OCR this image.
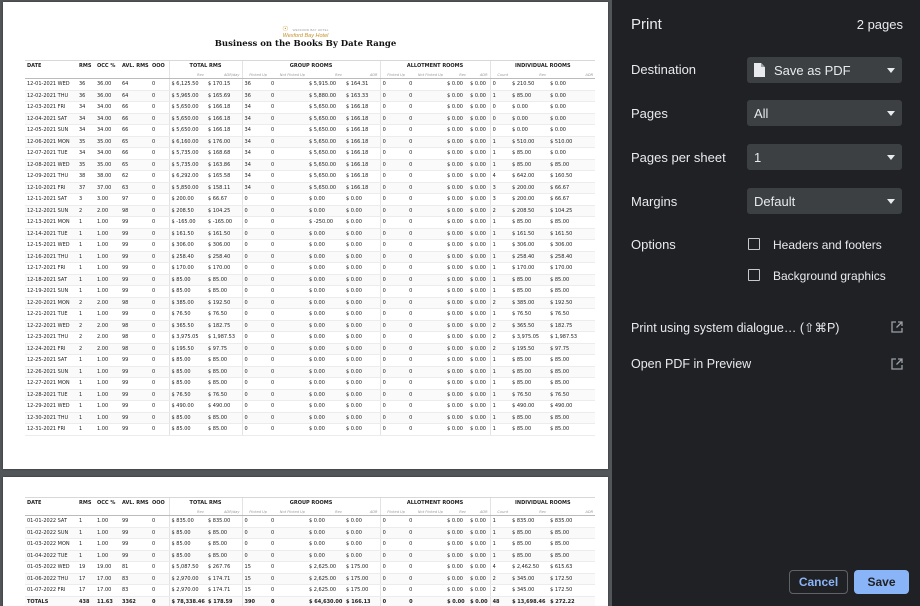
☉ WEXFORD BAY HOTEL
Wexford Bay Hotel
Business on the Books By Date Range
DATE	RMS	OCC %	AVL. RMS	OOO	TOTAL RMS		GROUP ROOMS				ALLOTMENT ROOMS				INDIVIDUAL ROOMS		
					Rev	ADR/day	Picked Up	Not Picked Up	Rev	ADR	Picked Up	Not Picked Up	Rev	ADR	Count	Rev	ADR
12-01-2021 WED	36	36.00	64	0	$ 6,125.50	$ 170.15	36	0	$ 5,915.00	$ 164.31	0	0	$ 0.00	$ 0.00	0	$ 210.50	$ 0.00
12-02-2021 THU	36	36.00	64	0	$ 5,965.00	$ 165.69	36	0	$ 5,880.00	$ 163.33	0	0	$ 0.00	$ 0.00	1	$ 85.00	$ 0.00
12-03-2021 FRI	34	34.00	66	0	$ 5,650.00	$ 166.18	34	0	$ 5,650.00	$ 166.18	0	0	$ 0.00	$ 0.00	0	$ 0.00	$ 0.00
12-04-2021 SAT	34	34.00	66	0	$ 5,650.00	$ 166.18	34	0	$ 5,650.00	$ 166.18	0	0	$ 0.00	$ 0.00	0	$ 0.00	$ 0.00
12-05-2021 SUN	34	34.00	66	0	$ 5,650.00	$ 166.18	34	0	$ 5,650.00	$ 166.18	0	0	$ 0.00	$ 0.00	0	$ 0.00	$ 0.00
12-06-2021 MON	35	35.00	65	0	$ 6,160.00	$ 176.00	34	0	$ 5,650.00	$ 166.18	0	0	$ 0.00	$ 0.00	1	$ 510.00	$ 510.00
12-07-2021 TUE	34	34.00	66	0	$ 5,735.00	$ 168.68	34	0	$ 5,650.00	$ 166.18	0	0	$ 0.00	$ 0.00	1	$ 85.00	$ 0.00
12-08-2021 WED	35	35.00	65	0	$ 5,735.00	$ 163.86	34	0	$ 5,650.00	$ 166.18	0	0	$ 0.00	$ 0.00	1	$ 85.00	$ 85.00
12-09-2021 THU	38	38.00	62	0	$ 6,292.00	$ 165.58	34	0	$ 5,650.00	$ 166.18	0	0	$ 0.00	$ 0.00	4	$ 642.00	$ 160.50
12-10-2021 FRI	37	37.00	63	0	$ 5,850.00	$ 158.11	34	0	$ 5,650.00	$ 166.18	0	0	$ 0.00	$ 0.00	3	$ 200.00	$ 66.67
12-11-2021 SAT	3	3.00	97	0	$ 200.00	$ 66.67	0	0	$ 0.00	$ 0.00	0	0	$ 0.00	$ 0.00	3	$ 200.00	$ 66.67
12-12-2021 SUN	2	2.00	98	0	$ 208.50	$ 104.25	0	0	$ 0.00	$ 0.00	0	0	$ 0.00	$ 0.00	2	$ 208.50	$ 104.25
12-13-2021 MON	1	1.00	99	0	$ -165.00	$ -165.00	0	0	$ -250.00	$ 0.00	0	0	$ 0.00	$ 0.00	1	$ 85.00	$ 85.00
12-14-2021 TUE	1	1.00	99	0	$ 161.50	$ 161.50	0	0	$ 0.00	$ 0.00	0	0	$ 0.00	$ 0.00	1	$ 161.50	$ 161.50
12-15-2021 WED	1	1.00	99	0	$ 306.00	$ 306.00	0	0	$ 0.00	$ 0.00	0	0	$ 0.00	$ 0.00	1	$ 306.00	$ 306.00
12-16-2021 THU	1	1.00	99	0	$ 258.40	$ 258.40	0	0	$ 0.00	$ 0.00	0	0	$ 0.00	$ 0.00	1	$ 258.40	$ 258.40
12-17-2021 FRI	1	1.00	99	0	$ 170.00	$ 170.00	0	0	$ 0.00	$ 0.00	0	0	$ 0.00	$ 0.00	1	$ 170.00	$ 170.00
12-18-2021 SAT	1	1.00	99	0	$ 85.00	$ 85.00	0	0	$ 0.00	$ 0.00	0	0	$ 0.00	$ 0.00	1	$ 85.00	$ 85.00
12-19-2021 SUN	1	1.00	99	0	$ 85.00	$ 85.00	0	0	$ 0.00	$ 0.00	0	0	$ 0.00	$ 0.00	1	$ 85.00	$ 85.00
12-20-2021 MON	2	2.00	98	0	$ 385.00	$ 192.50	0	0	$ 0.00	$ 0.00	0	0	$ 0.00	$ 0.00	2	$ 385.00	$ 192.50
12-21-2021 TUE	1	1.00	99	0	$ 76.50	$ 76.50	0	0	$ 0.00	$ 0.00	0	0	$ 0.00	$ 0.00	1	$ 76.50	$ 76.50
12-22-2021 WED	2	2.00	98	0	$ 365.50	$ 182.75	0	0	$ 0.00	$ 0.00	0	0	$ 0.00	$ 0.00	2	$ 365.50	$ 182.75
12-23-2021 THU	2	2.00	98	0	$ 3,975.05	$ 1,987.53	0	0	$ 0.00	$ 0.00	0	0	$ 0.00	$ 0.00	2	$ 3,975.05	$ 1,987.53
12-24-2021 FRI	2	2.00	98	0	$ 195.50	$ 97.75	0	0	$ 0.00	$ 0.00	0	0	$ 0.00	$ 0.00	2	$ 195.50	$ 97.75
12-25-2021 SAT	1	1.00	99	0	$ 85.00	$ 85.00	0	0	$ 0.00	$ 0.00	0	0	$ 0.00	$ 0.00	1	$ 85.00	$ 85.00
12-26-2021 SUN	1	1.00	99	0	$ 85.00	$ 85.00	0	0	$ 0.00	$ 0.00	0	0	$ 0.00	$ 0.00	1	$ 85.00	$ 85.00
12-27-2021 MON	1	1.00	99	0	$ 85.00	$ 85.00	0	0	$ 0.00	$ 0.00	0	0	$ 0.00	$ 0.00	1	$ 85.00	$ 85.00
12-28-2021 TUE	1	1.00	99	0	$ 76.50	$ 76.50	0	0	$ 0.00	$ 0.00	0	0	$ 0.00	$ 0.00	1	$ 76.50	$ 76.50
12-29-2021 WED	1	1.00	99	0	$ 490.00	$ 490.00	0	0	$ 0.00	$ 0.00	0	0	$ 0.00	$ 0.00	1	$ 490.00	$ 490.00
12-30-2021 THU	1	1.00	99	0	$ 85.00	$ 85.00	0	0	$ 0.00	$ 0.00	0	0	$ 0.00	$ 0.00	1	$ 85.00	$ 85.00
12-31-2021 FRI	1	1.00	99	0	$ 85.00	$ 85.00	0	0	$ 0.00	$ 0.00	0	0	$ 0.00	$ 0.00	1	$ 85.00	$ 85.00
DATE	RMS	OCC %	AVL. RMS	OOO	TOTAL RMS		GROUP ROOMS				ALLOTMENT ROOMS				INDIVIDUAL ROOMS		
					Rev	ADR/day	Picked Up	Not Picked Up	Rev	ADR	Picked Up	Not Picked Up	Rev	ADR	Count	Rev	ADR
01-01-2022 SAT	1	1.00	99	0	$ 835.00	$ 835.00	0	0	$ 0.00	$ 0.00	0	0	$ 0.00	$ 0.00	1	$ 835.00	$ 835.00
01-02-2022 SUN	1	1.00	99	0	$ 85.00	$ 85.00	0	0	$ 0.00	$ 0.00	0	0	$ 0.00	$ 0.00	1	$ 85.00	$ 85.00
01-03-2022 MON	1	1.00	99	0	$ 85.00	$ 85.00	0	0	$ 0.00	$ 0.00	0	0	$ 0.00	$ 0.00	1	$ 85.00	$ 85.00
01-04-2022 TUE	1	1.00	99	0	$ 85.00	$ 85.00	0	0	$ 0.00	$ 0.00	0	0	$ 0.00	$ 0.00	1	$ 85.00	$ 85.00
01-05-2022 WED	19	19.00	81	0	$ 5,087.50	$ 267.76	15	0	$ 2,625.00	$ 175.00	0	0	$ 0.00	$ 0.00	4	$ 2,462.50	$ 615.63
01-06-2022 THU	17	17.00	83	0	$ 2,970.00	$ 174.71	15	0	$ 2,625.00	$ 175.00	0	0	$ 0.00	$ 0.00	2	$ 345.00	$ 172.50
01-07-2022 FRI	17	17.00	83	0	$ 2,970.00	$ 174.71	15	0	$ 2,625.00	$ 175.00	0	0	$ 0.00	$ 0.00	2	$ 345.00	$ 172.50
TOTALS	438	11.63	3362	0	$ 78,338.46	$ 178.59	390	0	$ 64,630.00	$ 166.13	0	0	$ 0.00	$ 0.00	48	$ 13,698.46	$ 272.22
Print	2 pages
Destination	Save as PDF
Pages	All
Pages per sheet 1
Margins	Default
Options	Headers and footers
Background graphics
Print using system dialogue… (⇧⌘P)
Open PDF in Preview
Cancel	Save
